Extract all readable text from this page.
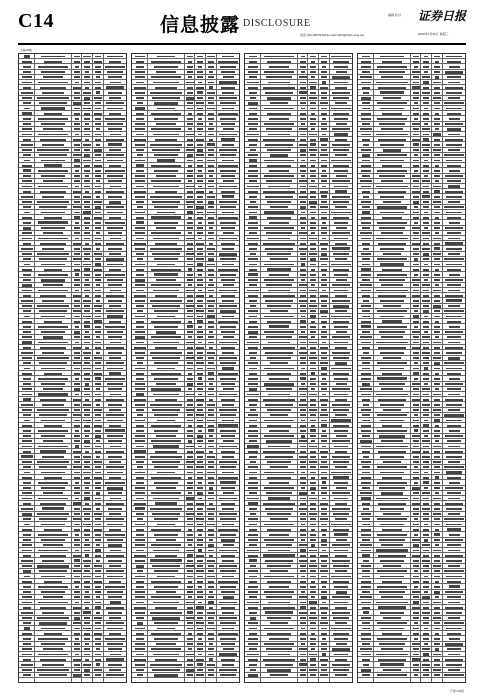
C14	信息披露 DISCLOSURE
编辑 校对
电话:010-63070324 E-mail:zqrb9@zqrb.sina.net
证券日报
2020年6月10日 星期三
上接C13版
下转C15版
